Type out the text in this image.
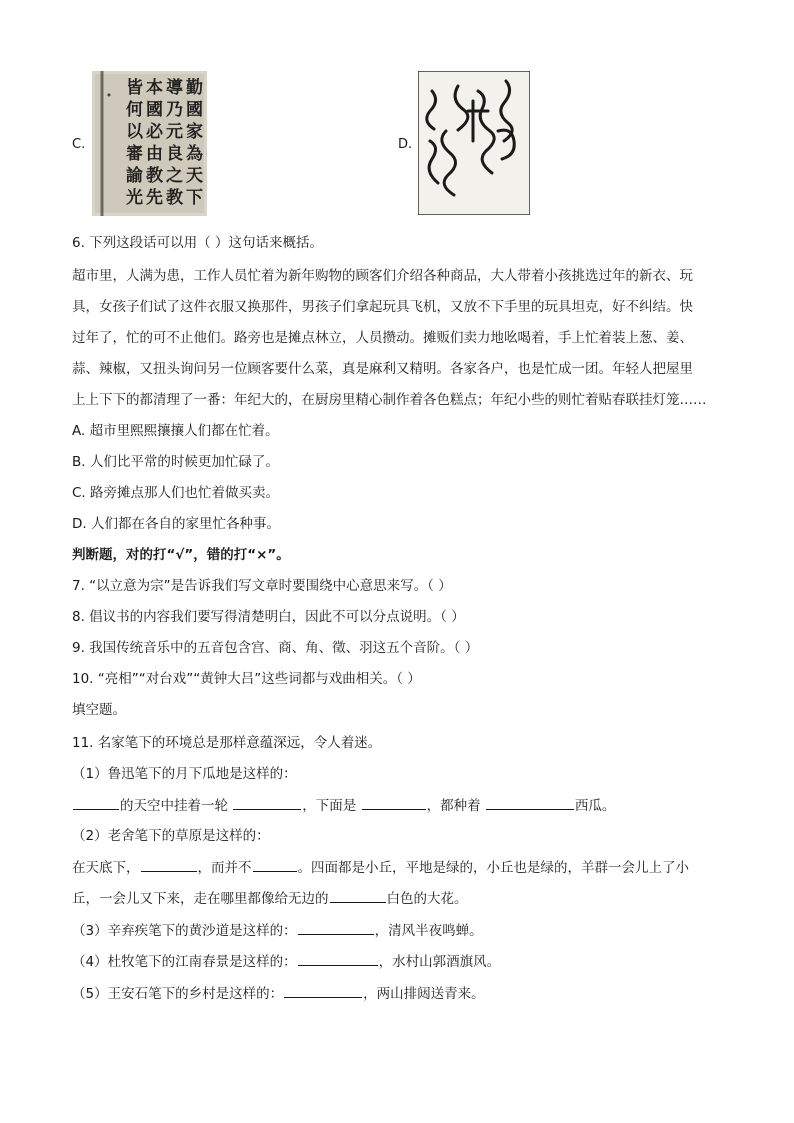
C.
勤
國
家
為
天
下
導
乃
元
良
之
教
本
國
必
由
教
先
皆
何
以
審
諭
光
·
D.
6. 下列这段话可以用（ ）这句话来概括。
超市里，人满为患，工作人员忙着为新年购物的顾客们介绍各种商品，大人带着小孩挑选过年的新衣、玩
具，女孩子们试了这件衣服又换那件，男孩子们拿起玩具飞机，又放不下手里的玩具坦克，好不纠结。快
过年了，忙的可不止他们。路旁也是摊点林立，人员攒动。摊贩们卖力地吆喝着，手上忙着装上葱、姜、
蒜、辣椒，又扭头询问另一位顾客要什么菜，真是麻利又精明。各家各户，也是忙成一团。年轻人把屋里
上上下下的都清理了一番：年纪大的，在厨房里精心制作着各色糕点；年纪小些的则忙着贴春联挂灯笼……
A. 超市里熙熙攘攘人们都在忙着。
B. 人们比平常的时候更加忙碌了。
C. 路旁摊点那人们也忙着做买卖。
D. 人们都在各自的家里忙各种事。
判断题，对的打“√”，错的打“×”。
7. “以立意为宗”是告诉我们写文章时要围绕中心意思来写。（ ）
8. 倡议书的内容我们要写得清楚明白，因此不可以分点说明。（ ）
9. 我国传统音乐中的五音包含宫、商、角、徵、羽这五个音阶。（ ）
10. “亮相”“对台戏”“黄钟大吕”这些词都与戏曲相关。（ ）
填空题。
11. 名家笔下的环境总是那样意蕴深远，令人着迷。
（1）鲁迅笔下的月下瓜地是这样的：
的天空中挂着一轮	，下面是	，都种着	西瓜。
（2）老舍笔下的草原是这样的：
在天底下，	，而并不	。四面都是小丘，平地是绿的，小丘也是绿的，羊群一会儿上了小
丘，一会儿又下来，走在哪里都像给无边的	白色的大花。
（3）辛弃疾笔下的黄沙道是这样的：	，清风半夜鸣蝉。
（4）杜牧笔下的江南春景是这样的：	，水村山郭酒旗风。
（5）王安石笔下的乡村是这样的：	，两山排闼送青来。
